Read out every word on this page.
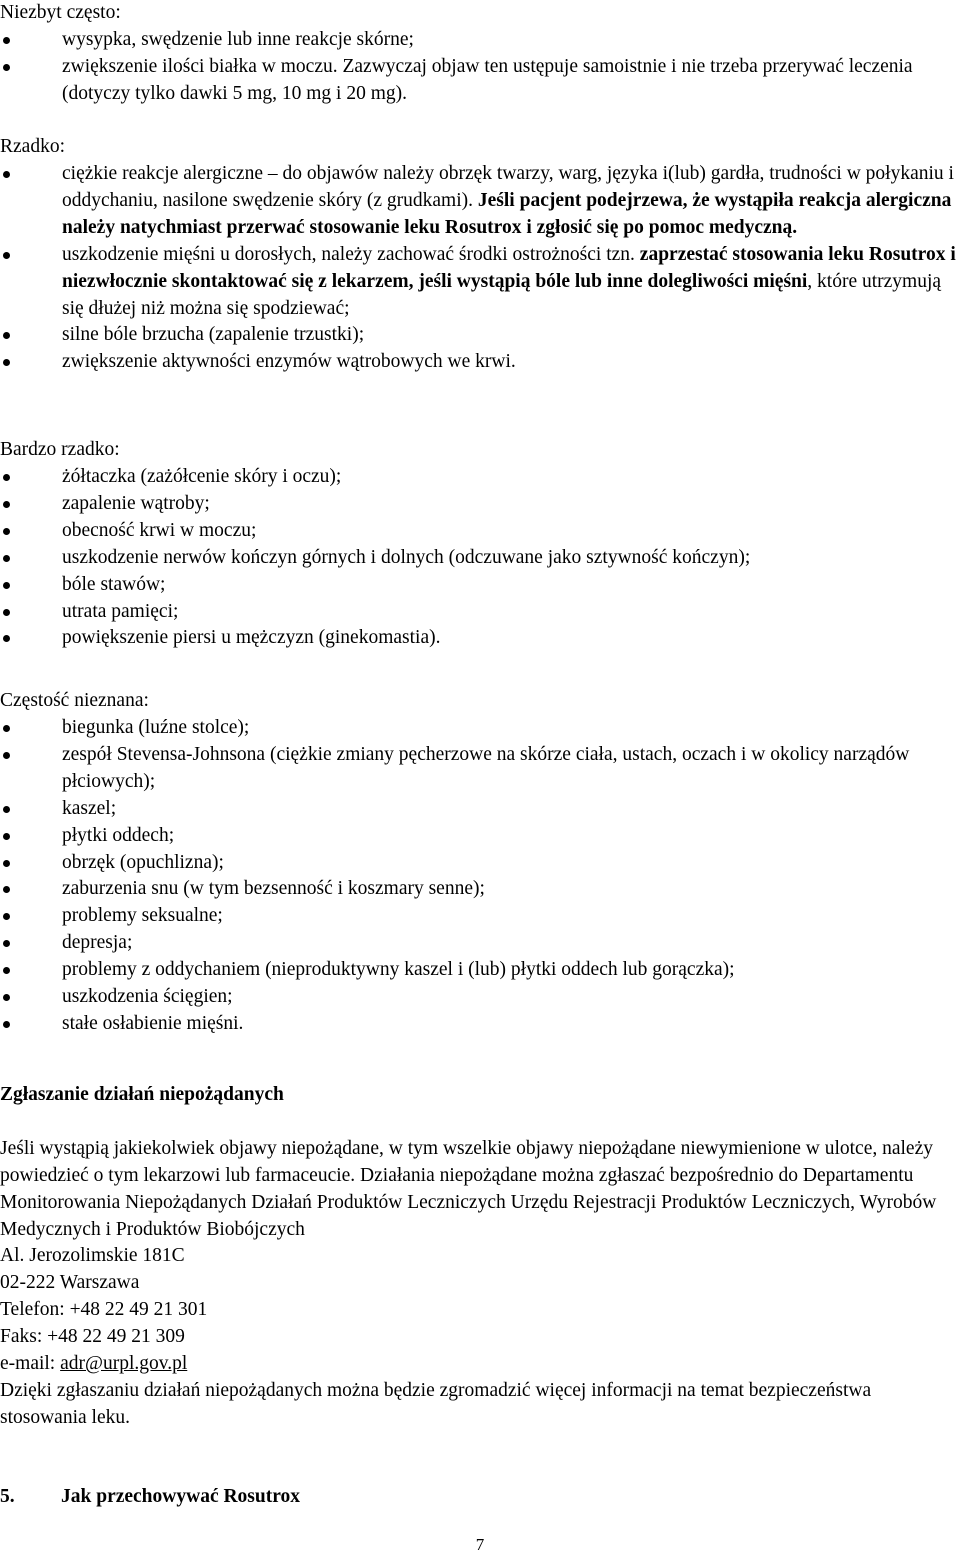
Niezbyt często:

wysypka, swędzenie lub inne reakcje skórne;
zwiększenie ilości białka w moczu. Zazwyczaj objaw ten ustępuje samoistnie i nie trzeba przerywać leczenia (dotyczy tylko dawki 5 mg, 10 mg i 20 mg).

Rzadko:

ciężkie reakcje alergiczne – do objawów należy obrzęk twarzy, warg, języka i(lub) gardła, trudności w połykaniu i oddychaniu, nasilone swędzenie skóry (z grudkami). Jeśli pacjent podejrzewa, że wystąpiła reakcja alergiczna należy natychmiast przerwać stosowanie leku Rosutrox i zgłosić się po pomoc medyczną.
uszkodzenie mięśni u dorosłych, należy zachować środki ostrożności tzn. zaprzestać stosowania leku Rosutrox i niezwłocznie skontaktować się z lekarzem, jeśli wystąpią bóle lub inne dolegliwości mięśni, które utrzymują się dłużej niż można się spodziewać;
silne bóle brzucha (zapalenie trzustki);
zwiększenie aktywności enzymów wątrobowych we krwi.

Bardzo rzadko:

żółtaczka (zażółcenie skóry i oczu);
zapalenie wątroby;
obecność krwi w moczu;
uszkodzenie nerwów kończyn górnych i dolnych (odczuwane jako sztywność kończyn);
bóle stawów;
utrata pamięci;
powiększenie piersi u mężczyzn (ginekomastia).

Częstość nieznana:

biegunka (luźne stolce);
zespół Stevensa-Johnsona (ciężkie zmiany pęcherzowe na skórze ciała, ustach, oczach i w okolicy narządów płciowych);
kaszel;
płytki oddech;
obrzęk (opuchlizna);
zaburzenia snu (w tym bezsenność i koszmary senne);
problemy seksualne;
depresja;
problemy z oddychaniem (nieproduktywny kaszel i (lub) płytki oddech lub gorączka);
uszkodzenia ścięgien;
stałe osłabienie mięśni.

Zgłaszanie działań niepożądanych

Jeśli wystąpią jakiekolwiek objawy niepożądane, w tym wszelkie objawy niepożądane niewymienione w ulotce, należy powiedzieć o tym lekarzowi lub farmaceucie. Działania niepożądane można zgłaszać bezpośrednio do Departamentu Monitorowania Niepożądanych Działań Produktów Leczniczych Urzędu Rejestracji Produktów Leczniczych, Wyrobów Medycznych i Produktów Biobójczych

Al. Jerozolimskie 181C

02-222 Warszawa

Telefon: +48 22 49 21 301

Faks: +48 22 49 21 309

e-mail: adr@urpl.gov.pl

Dzięki zgłaszaniu działań niepożądanych można będzie zgromadzić więcej informacji na temat bezpieczeństwa stosowania leku.

5. Jak przechowywać Rosutrox
7
